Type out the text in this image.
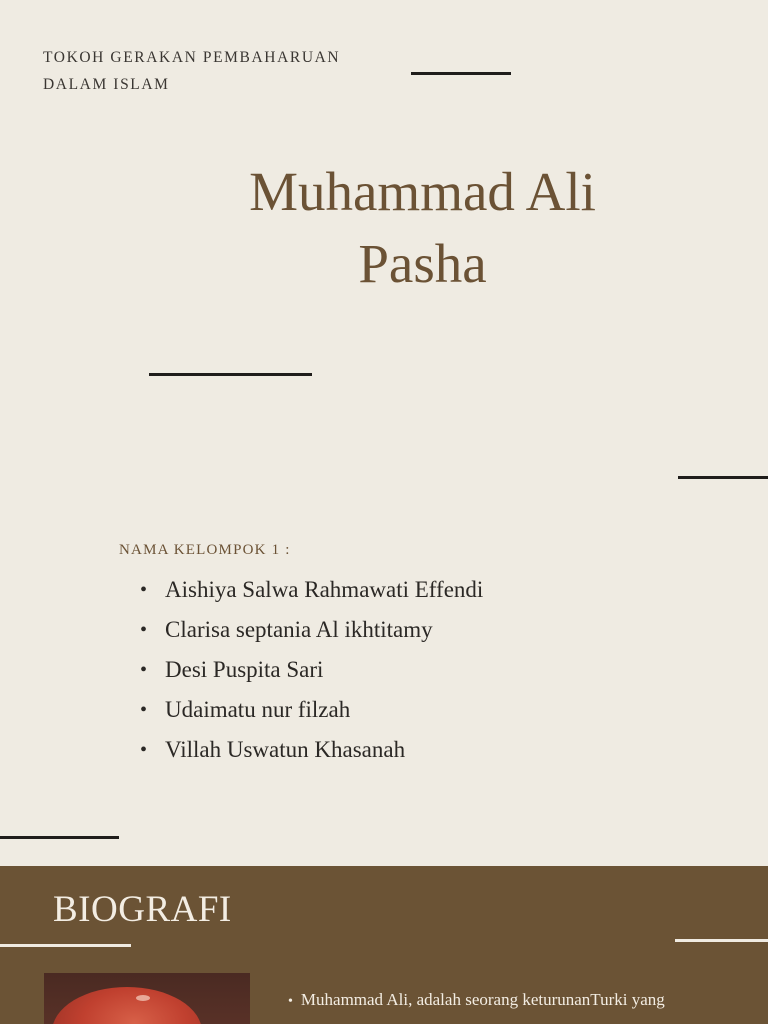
TOKOH GERAKAN PEMBAHARUAN
DALAM ISLAM
Muhammad Ali
Pasha
NAMA KELOMPOK 1 :
• Aishiya Salwa Rahmawati Effendi
• Clarisa septania Al ikhtitamy
• Desi Puspita Sari
• Udaimatu nur filzah
• Villah Uswatun Khasanah
BIOGRAFI
• Muhammad Ali, adalah seorang keturunanTurki yang
